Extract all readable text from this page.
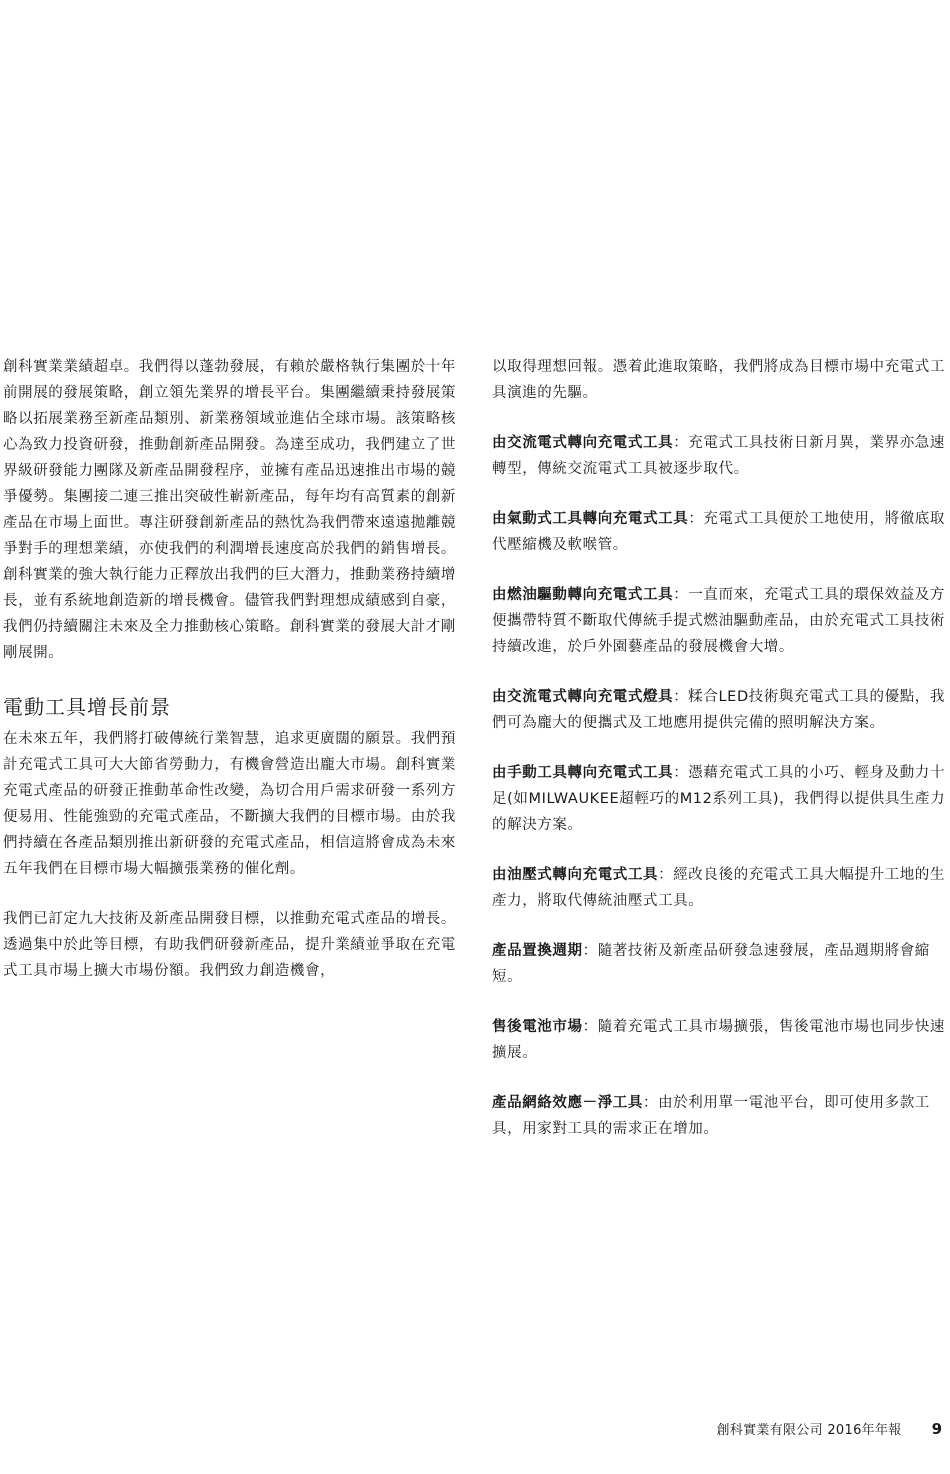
創科實業業績超卓。我們得以蓬勃發展，有賴於嚴格執行集團於十年前開展的發展策略，創立領先業界的增長平台。集團繼續秉持發展策略以拓展業務至新產品類別、新業務領域並進佔全球市場。該策略核心為致力投資研發，推動創新產品開發。為達至成功，我們建立了世界級研發能力團隊及新產品開發程序，並擁有產品迅速推出市場的競爭優勢。集團接二連三推出突破性嶄新產品，每年均有高質素的創新產品在市場上面世。專注研發創新產品的熱忱為我們帶來遠遠拋離競爭對手的理想業績，亦使我們的利潤增長速度高於我們的銷售增長。創科實業的強大執行能力正釋放出我們的巨大潛力，推動業務持續增長，並有系統地創造新的增長機會。儘管我們對理想成績感到自豪，我們仍持續關注未來及全力推動核心策略。創科實業的發展大計才剛剛展開。

電動工具增長前景

在未來五年，我們將打破傳統行業智慧，追求更廣闊的願景。我們預計充電式工具可大大節省勞動力，有機會營造出龐大市場。創科實業充電式產品的研發正推動革命性改變，為切合用戶需求研發一系列方便易用、性能強勁的充電式產品，不斷擴大我們的目標市場。由於我們持續在各產品類別推出新研發的充電式產品，相信這將會成為未來五年我們在目標市場大幅擴張業務的催化劑。

我們已訂定九大技術及新產品開發目標，以推動充電式產品的增長。透過集中於此等目標，有助我們研發新產品，提升業績並爭取在充電式工具市場上擴大市場份額。我們致力創造機會，

以取得理想回報。憑着此進取策略，我們將成為目標市場中充電式工具演進的先驅。

由交流電式轉向充電式工具：充電式工具技術日新月異，業界亦急速轉型，傳統交流電式工具被逐步取代。

由氣動式工具轉向充電式工具：充電式工具便於工地使用，將徹底取代壓縮機及軟喉管。

由燃油驅動轉向充電式工具：一直而來，充電式工具的環保效益及方便攜帶特質不斷取代傳統手提式燃油驅動產品，由於充電式工具技術持續改進，於戶外園藝產品的發展機會大增。

由交流電式轉向充電式燈具：糅合LED技術與充電式工具的優點，我們可為龐大的便攜式及工地應用提供完備的照明解決方案。

由手動工具轉向充電式工具：憑藉充電式工具的小巧、輕身及動力十足(如MILWAUKEE超輕巧的M12系列工具)，我們得以提供具生產力的解決方案。

由油壓式轉向充電式工具：經改良後的充電式工具大幅提升工地的生產力，將取代傳統油壓式工具。

產品置換週期：隨著技術及新產品研發急速發展，產品週期將會縮短。

售後電池市場：隨着充電式工具市場擴張，售後電池市場也同步快速擴展。

產品網絡效應－淨工具：由於利用單一電池平台，即可使用多款工具，用家對工具的需求正在增加。

創科實業有限公司 2016年年報 9
